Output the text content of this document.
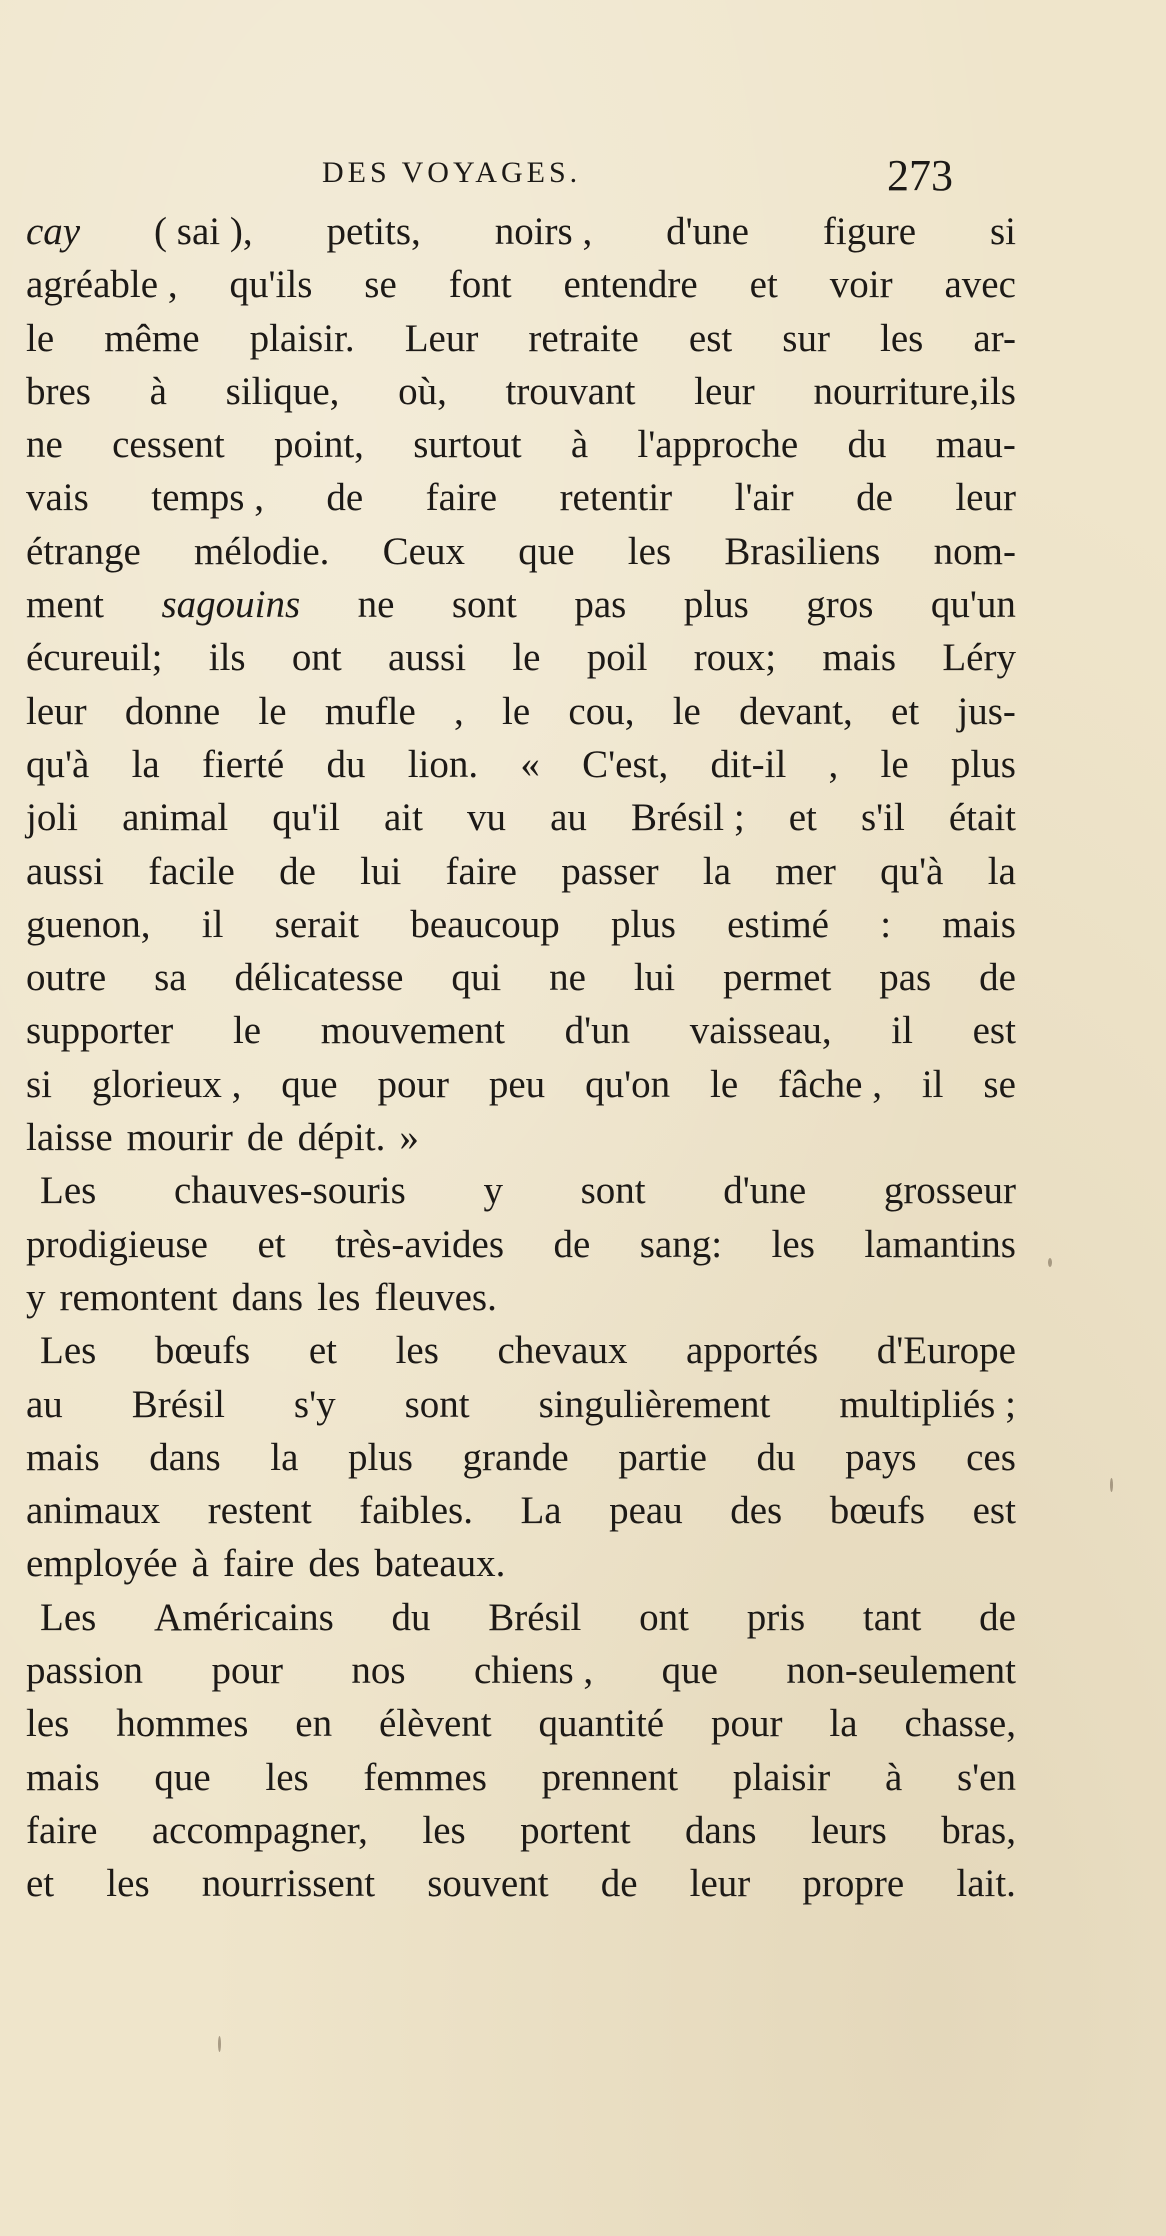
DES VOYAGES.	273
cay ( sai ), petits, noirs , d'une figure si
agréable , qu'ils se font entendre et voir avec
le même plaisir. Leur retraite est sur les ar-
bres à silique, où, trouvant leur nourriture,ils
ne cessent point, surtout à l'approche du mau-
vais temps , de faire retentir l'air de leur
étrange mélodie. Ceux que les Brasiliens nom-
ment sagouins ne sont pas plus gros qu'un
écureuil; ils ont aussi le poil roux; mais Léry
leur donne le mufle , le cou, le devant, et jus-
qu'à la fierté du lion. « C'est, dit-il , le plus
joli animal qu'il ait vu au Brésil ; et s'il était
aussi facile de lui faire passer la mer qu'à la
guenon, il serait beaucoup plus estimé : mais
outre sa délicatesse qui ne lui permet pas de
supporter le mouvement d'un vaisseau, il est
si glorieux , que pour peu qu'on le fâche , il se
laisse mourir de dépit. »
Les chauves-souris y sont d'une grosseur
prodigieuse et très-avides de sang: les lamantins
y remontent dans les fleuves.
Les bœufs et les chevaux apportés d'Europe
au Brésil s'y sont singulièrement multipliés ;
mais dans la plus grande partie du pays ces
animaux restent faibles. La peau des bœufs est
employée à faire des bateaux.
Les Américains du Brésil ont pris tant de
passion pour nos chiens , que non-seulement
les hommes en élèvent quantité pour la chasse,
mais que les femmes prennent plaisir à s'en
faire accompagner, les portent dans leurs bras,
et les nourrissent souvent de leur propre lait.
